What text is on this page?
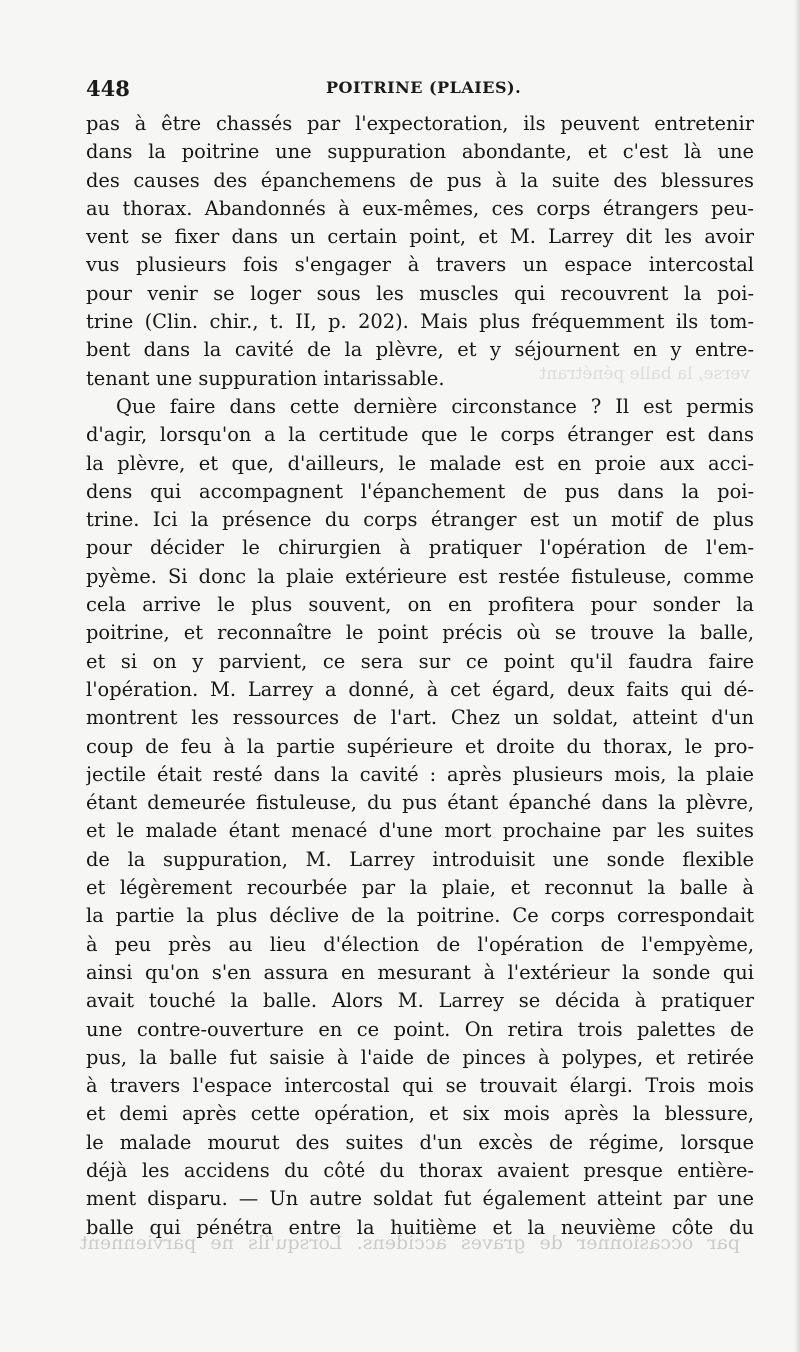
448	POITRINE (PLAIES).
verse, la balle pénétrant
pas à être chassés par l'expectoration, ils peuvent entretenir
dans la poitrine une suppuration abondante, et c'est là une
des causes des épanchemens de pus à la suite des blessures
au thorax. Abandonnés à eux-mêmes, ces corps étrangers peu-
vent se fixer dans un certain point, et M. Larrey dit les avoir
vus plusieurs fois s'engager à travers un espace intercostal
pour venir se loger sous les muscles qui recouvrent la poi-
trine (Clin. chir., t. II, p. 202). Mais plus fréquemment ils tom-
bent dans la cavité de la plèvre, et y séjournent en y entre-
tenant une suppuration intarissable.
Que faire dans cette dernière circonstance ? Il est permis
d'agir, lorsqu'on a la certitude que le corps étranger est dans
la plèvre, et que, d'ailleurs, le malade est en proie aux acci-
dens qui accompagnent l'épanchement de pus dans la poi-
trine. Ici la présence du corps étranger est un motif de plus
pour décider le chirurgien à pratiquer l'opération de l'em-
pyème. Si donc la plaie extérieure est restée fistuleuse, comme
cela arrive le plus souvent, on en profitera pour sonder la
poitrine, et reconnaître le point précis où se trouve la balle,
et si on y parvient, ce sera sur ce point qu'il faudra faire
l'opération. M. Larrey a donné, à cet égard, deux faits qui dé-
montrent les ressources de l'art. Chez un soldat, atteint d'un
coup de feu à la partie supérieure et droite du thorax, le pro-
jectile était resté dans la cavité : après plusieurs mois, la plaie
étant demeurée fistuleuse, du pus étant épanché dans la plèvre,
et le malade étant menacé d'une mort prochaine par les suites
de la suppuration, M. Larrey introduisit une sonde flexible
et légèrement recourbée par la plaie, et reconnut la balle à
la partie la plus déclive de la poitrine. Ce corps correspondait
à peu près au lieu d'élection de l'opération de l'empyème,
ainsi qu'on s'en assura en mesurant à l'extérieur la sonde qui
avait touché la balle. Alors M. Larrey se décida à pratiquer
une contre-ouverture en ce point. On retira trois palettes de
pus, la balle fut saisie à l'aide de pinces à polypes, et retirée
à travers l'espace intercostal qui se trouvait élargi. Trois mois
et demi après cette opération, et six mois après la blessure,
le malade mourut des suites d'un excès de régime, lorsque
déjà les accidens du côté du thorax avaient presque entière-
ment disparu. — Un autre soldat fut également atteint par une
balle qui pénétra entre la huitième et la neuvième côte du
par occasionner de graves accidens. Lorsqu'ils ne parviennent
